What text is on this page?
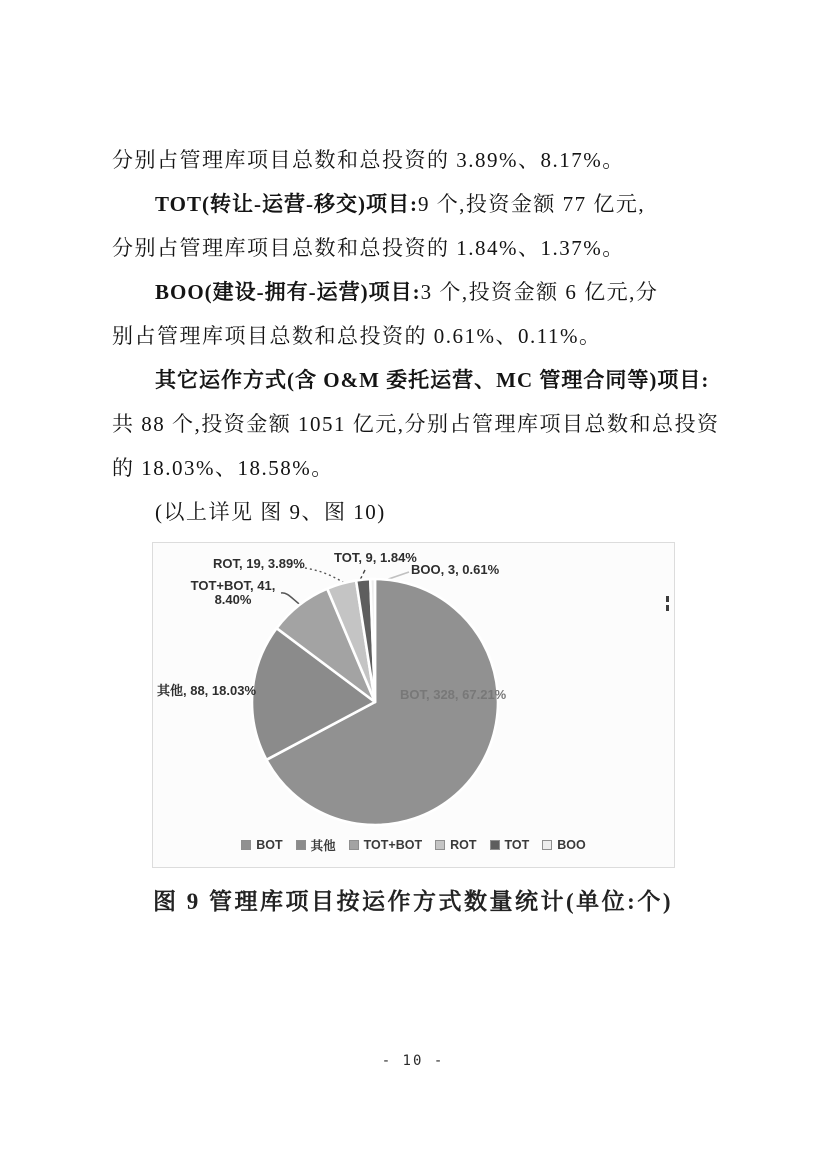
分别占管理库项目总数和总投资的 3.89%、8.17%。

TOT(转让-运营-移交)项目:9 个,投资金额 77 亿元,

分别占管理库项目总数和总投资的 1.84%、1.37%。

BOO(建设-拥有-运营)项目:3 个,投资金额 6 亿元,分

别占管理库项目总数和总投资的 0.61%、0.11%。

其它运作方式(含 O&M 委托运营、MC 管理合同等)项目:

共 88 个,投资金额 1051 亿元,分别占管理库项目总数和总投资

的 18.03%、18.58%。

(以上详见 图 9、图 10)

ROT, 19, 3.89% TOT, 9, 1.84%
BOO, 3, 0.61%
TOT+BOT, 41, 8.40%
其他, 88, 18.03%	BOT, 328, 67.21%
BOT 其他 TOT+BOT ROT TOT BOO
图 9 管理库项目按运作方式数量统计(单位:个)
- 10 -
